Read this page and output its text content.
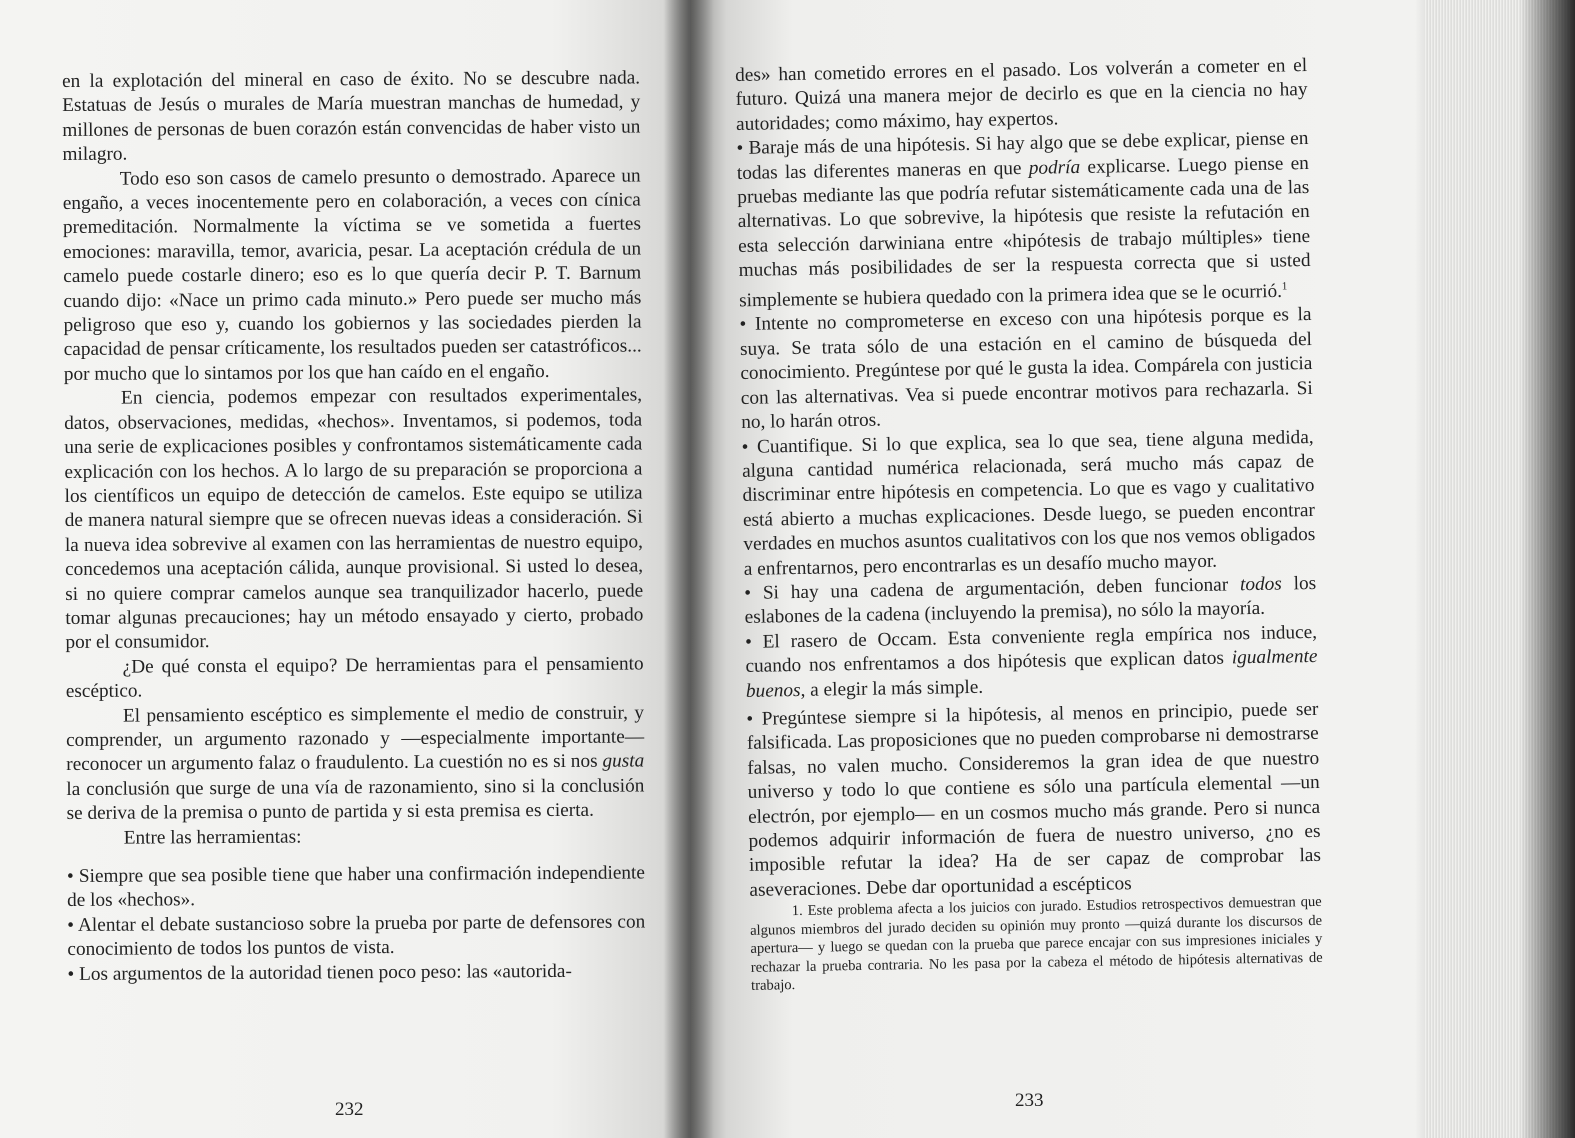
en la explotación del mineral en caso de éxito. No se descubre nada. Estatuas de Jesús o murales de María muestran manchas de humedad, y millones de personas de buen corazón están convencidas de haber visto un milagro.

Todo eso son casos de camelo presunto o demostrado. Aparece un engaño, a veces inocentemente pero en colaboración, a veces con cínica premeditación. Normalmente la víctima se ve sometida a fuertes emociones: maravilla, temor, avaricia, pesar. La aceptación crédula de un camelo puede costarle dinero; eso es lo que quería decir P. T. Barnum cuando dijo: «Nace un primo cada minuto.» Pero puede ser mucho más peligroso que eso y, cuando los gobiernos y las sociedades pierden la capacidad de pensar críticamente, los resultados pueden ser catastróficos... por mucho que lo sintamos por los que han caído en el engaño.

En ciencia, podemos empezar con resultados experimentales, datos, observaciones, medidas, «hechos». Inventamos, si podemos, toda una serie de explicaciones posibles y confrontamos sistemáticamente cada explicación con los hechos. A lo largo de su preparación se proporciona a los científicos un equipo de detección de camelos. Este equipo se utiliza de manera natural siempre que se ofrecen nuevas ideas a consideración. Si la nueva idea sobrevive al examen con las herramientas de nuestro equipo, concedemos una aceptación cálida, aunque provisional. Si usted lo desea, si no quiere comprar camelos aunque sea tranquilizador hacerlo, puede tomar algunas precauciones; hay un método ensayado y cierto, probado por el consumidor.

¿De qué consta el equipo? De herramientas para el pensamiento escéptico.

El pensamiento escéptico es simplemente el medio de construir, y comprender, un argumento razonado y —especialmente importante— reconocer un argumento falaz o fraudulento. La cuestión no es si nos gusta la conclusión que surge de una vía de razonamiento, sino si la conclusión se deriva de la premisa o punto de partida y si esta premisa es cierta.

Entre las herramientas:

• Siempre que sea posible tiene que haber una confirmación independiente de los «hechos».

• Alentar el debate sustancioso sobre la prueba por parte de defensores con conocimiento de todos los puntos de vista.

• Los argumentos de la autoridad tienen poco peso: las «autorida-

232

des» han cometido errores en el pasado. Los volverán a cometer en el futuro. Quizá una manera mejor de decirlo es que en la ciencia no hay autoridades; como máximo, hay expertos.

• Baraje más de una hipótesis. Si hay algo que se debe explicar, piense en todas las diferentes maneras en que podría explicarse. Luego piense en pruebas mediante las que podría refutar sistemáticamente cada una de las alternativas. Lo que sobrevive, la hipótesis que resiste la refutación en esta selección darwiniana entre «hipótesis de trabajo múltiples» tiene muchas más posibilidades de ser la respuesta correcta que si usted simplemente se hubiera quedado con la primera idea que se le ocurrió.$^1$

• Intente no comprometerse en exceso con una hipótesis porque es la suya. Se trata sólo de una estación en el camino de búsqueda del conocimiento. Pregúntese por qué le gusta la idea. Compárela con justicia con las alternativas. Vea si puede encontrar motivos para rechazarla. Si no, lo harán otros.

• Cuantifique. Si lo que explica, sea lo que sea, tiene alguna medida, alguna cantidad numérica relacionada, será mucho más capaz de discriminar entre hipótesis en competencia. Lo que es vago y cualitativo está abierto a muchas explicaciones. Desde luego, se pueden encontrar verdades en muchos asuntos cualitativos con los que nos vemos obligados a enfrentarnos, pero encontrarlas es un desafío mucho mayor.

• Si hay una cadena de argumentación, deben funcionar todos los eslabones de la cadena (incluyendo la premisa), no sólo la mayoría.

• El rasero de Occam. Esta conveniente regla empírica nos induce, cuando nos enfrentamos a dos hipótesis que explican datos igualmente buenos, a elegir la más simple.

• Pregúntese siempre si la hipótesis, al menos en principio, puede ser falsificada. Las proposiciones que no pueden comprobarse ni demostrarse falsas, no valen mucho. Consideremos la gran idea de que nuestro universo y todo lo que contiene es sólo una partícula elemental —un electrón, por ejemplo— en un cosmos mucho más grande. Pero si nunca podemos adquirir información de fuera de nuestro universo, ¿no es imposible refutar la idea? Ha de ser capaz de comprobar las aseveraciones. Debe dar oportunidad a escépticos

1. Este problema afecta a los juicios con jurado. Estudios retrospectivos demuestran que algunos miembros del jurado deciden su opinión muy pronto —quizá durante los discursos de apertura— y luego se quedan con la prueba que parece encajar con sus impresiones iniciales y rechazar la prueba contraria. No les pasa por la cabeza el método de hipótesis alternativas de trabajo.

233
